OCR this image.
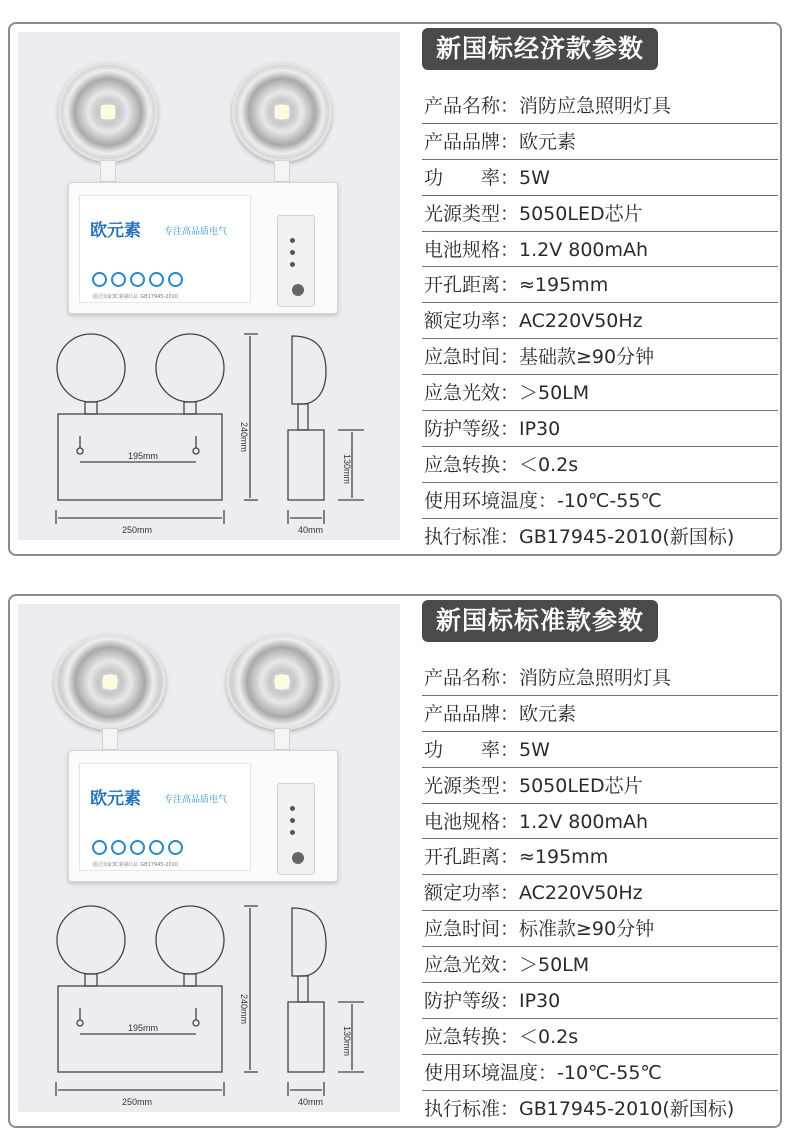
欧元素	专注高品质电气
通过国家3C强制认证 GB17945-2010
195mm
250mm	40mm
240mm
130mm
新国标经济款参数
产品名称：消防应急照明灯具
产品品牌：欧元素
功　　率：5W
光源类型：5050LED芯片
电池规格：1.2V 800mAh
开孔距离：≈195mm
额定功率：AC220V50Hz
应急时间：基础款≥90分钟
应急光效：＞50LM
防护等级：IP30
应急转换：＜0.2s
使用环境温度：-10℃-55℃
执行标准：GB17945-2010(新国标)
欧元素	专注高品质电气
通过国家3C强制认证 GB17945-2010
195mm
250mm	40mm
240mm
130mm
新国标标准款参数
产品名称：消防应急照明灯具
产品品牌：欧元素
功　　率：5W
光源类型：5050LED芯片
电池规格：1.2V 800mAh
开孔距离：≈195mm
额定功率：AC220V50Hz
应急时间：标准款≥90分钟
应急光效：＞50LM
防护等级：IP30
应急转换：＜0.2s
使用环境温度：-10℃-55℃
执行标准：GB17945-2010(新国标)
